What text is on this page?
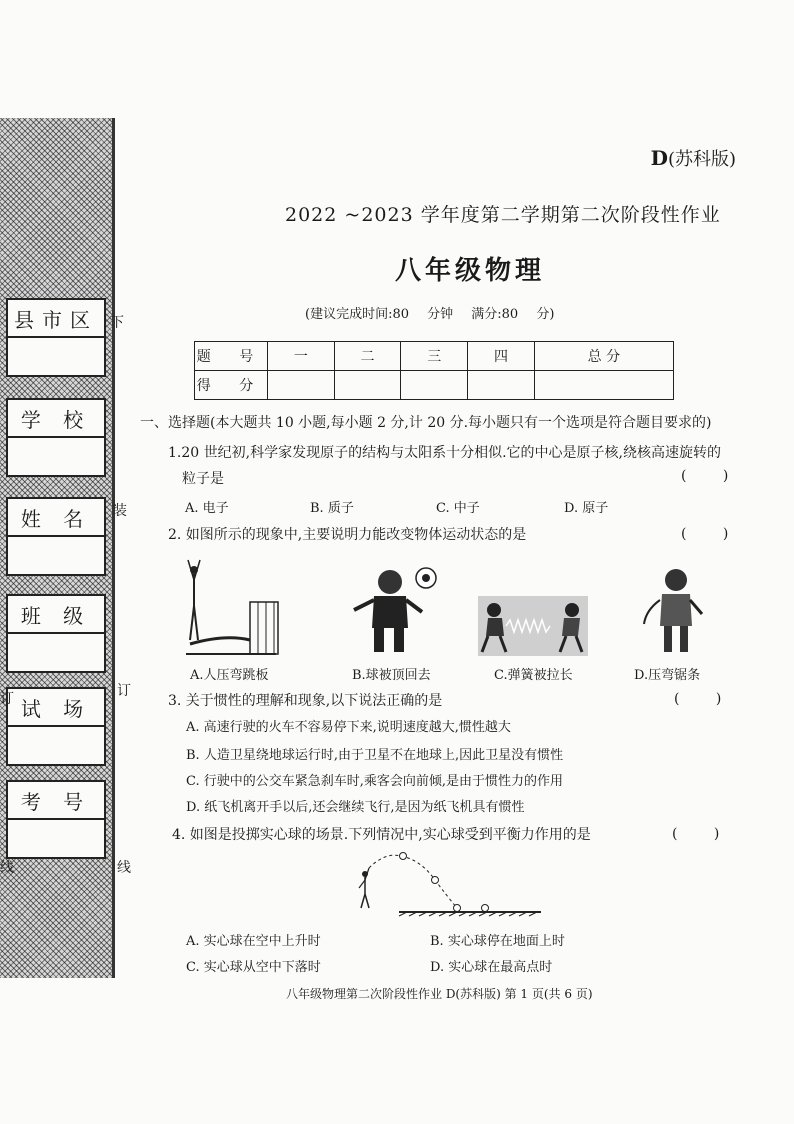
县市区
学 校
姓 名
班 级
试 场
考 号
下
装
订
线
订
线
D(苏科版)
2022 ~2023 学年度第二学期第二次阶段性作业
八年级物理
(建议完成时间:80 分钟 满分:80 分)
题 号	一	二	三	四	总 分
得 分					
一、选择题(本大题共 10 小题,每小题 2 分,计 20 分.每小题只有一个选项是符合题目要求的)
1.20 世纪初,科学家发现原子的结构与太阳系十分相似.它的中心是原子核,绕核高速旋转的
粒子是	( )
A. 电子	B. 质子	C. 中子	D. 原子
2. 如图所示的现象中,主要说明力能改变物体运动状态的是	( )
A.人压弯跳板	B.球被顶回去	C.弹簧被拉长	D.压弯锯条
3. 关于惯性的理解和现象,以下说法正确的是	( )
A. 高速行驶的火车不容易停下来,说明速度越大,惯性越大
B. 人造卫星绕地球运行时,由于卫星不在地球上,因此卫星没有惯性
C. 行驶中的公交车紧急刹车时,乘客会向前倾,是由于惯性力的作用
D. 纸飞机离开手以后,还会继续飞行,是因为纸飞机具有惯性
4. 如图是投掷实心球的场景.下列情况中,实心球受到平衡力作用的是	( )
A. 实心球在空中上升时	B. 实心球停在地面上时
C. 实心球从空中下落时	D. 实心球在最高点时
八年级物理第二次阶段性作业 D(苏科版) 第 1 页(共 6 页)
